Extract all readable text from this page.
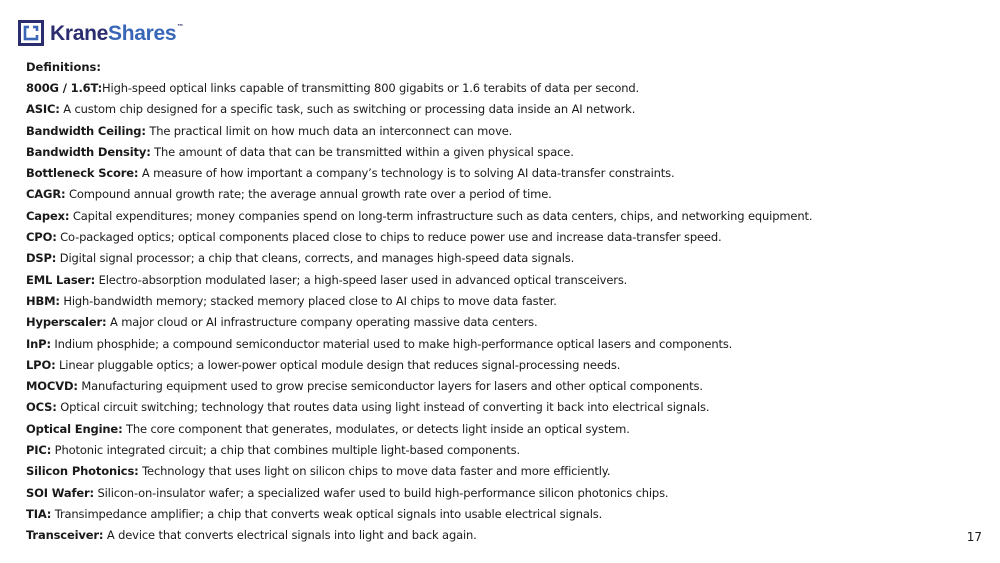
KraneShares™
Definitions:
800G / 1.6T:High-speed optical links capable of transmitting 800 gigabits or 1.6 terabits of data per second.
ASIC: A custom chip designed for a specific task, such as switching or processing data inside an AI network.
Bandwidth Ceiling: The practical limit on how much data an interconnect can move.
Bandwidth Density: The amount of data that can be transmitted within a given physical space.
Bottleneck Score: A measure of how important a company’s technology is to solving AI data-transfer constraints.
CAGR: Compound annual growth rate; the average annual growth rate over a period of time.
Capex: Capital expenditures; money companies spend on long-term infrastructure such as data centers, chips, and networking equipment.
CPO: Co-packaged optics; optical components placed close to chips to reduce power use and increase data-transfer speed.
DSP: Digital signal processor; a chip that cleans, corrects, and manages high-speed data signals.
EML Laser: Electro-absorption modulated laser; a high-speed laser used in advanced optical transceivers.
HBM: High-bandwidth memory; stacked memory placed close to AI chips to move data faster.
Hyperscaler: A major cloud or AI infrastructure company operating massive data centers.
InP: Indium phosphide; a compound semiconductor material used to make high-performance optical lasers and components.
LPO: Linear pluggable optics; a lower-power optical module design that reduces signal-processing needs.
MOCVD: Manufacturing equipment used to grow precise semiconductor layers for lasers and other optical components.
OCS: Optical circuit switching; technology that routes data using light instead of converting it back into electrical signals.
Optical Engine: The core component that generates, modulates, or detects light inside an optical system.
PIC: Photonic integrated circuit; a chip that combines multiple light-based components.
Silicon Photonics: Technology that uses light on silicon chips to move data faster and more efficiently.
SOI Wafer: Silicon-on-insulator wafer; a specialized wafer used to build high-performance silicon photonics chips.
TIA: Transimpedance amplifier; a chip that converts weak optical signals into usable electrical signals.
Transceiver: A device that converts electrical signals into light and back again.	17
